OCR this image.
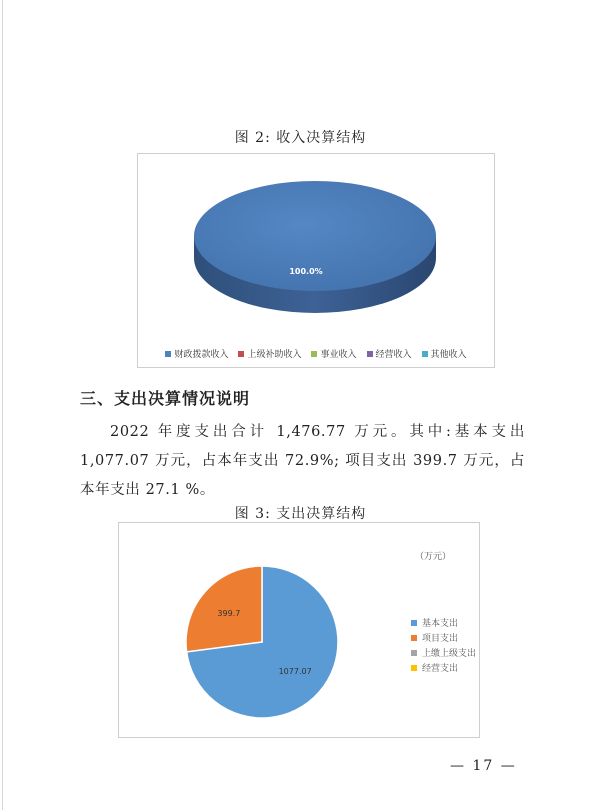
图 2: 收入决算结构
100.0%
财政拨款收入 上级补助收入 事业收入 经营收入 其他收入
三、支出决算情况说明
2022 年度支出合计 1,476.77 万元。其中:基本支出 1,077.07 万元，占本年支出 72.9%; 项目支出 399.7 万元，占本年支出 27.1 %。
图 3: 支出决算结构
（万元）
1077.07
399.7
基本支出
项目支出
上缴上级支出
经营支出
— 17 —
